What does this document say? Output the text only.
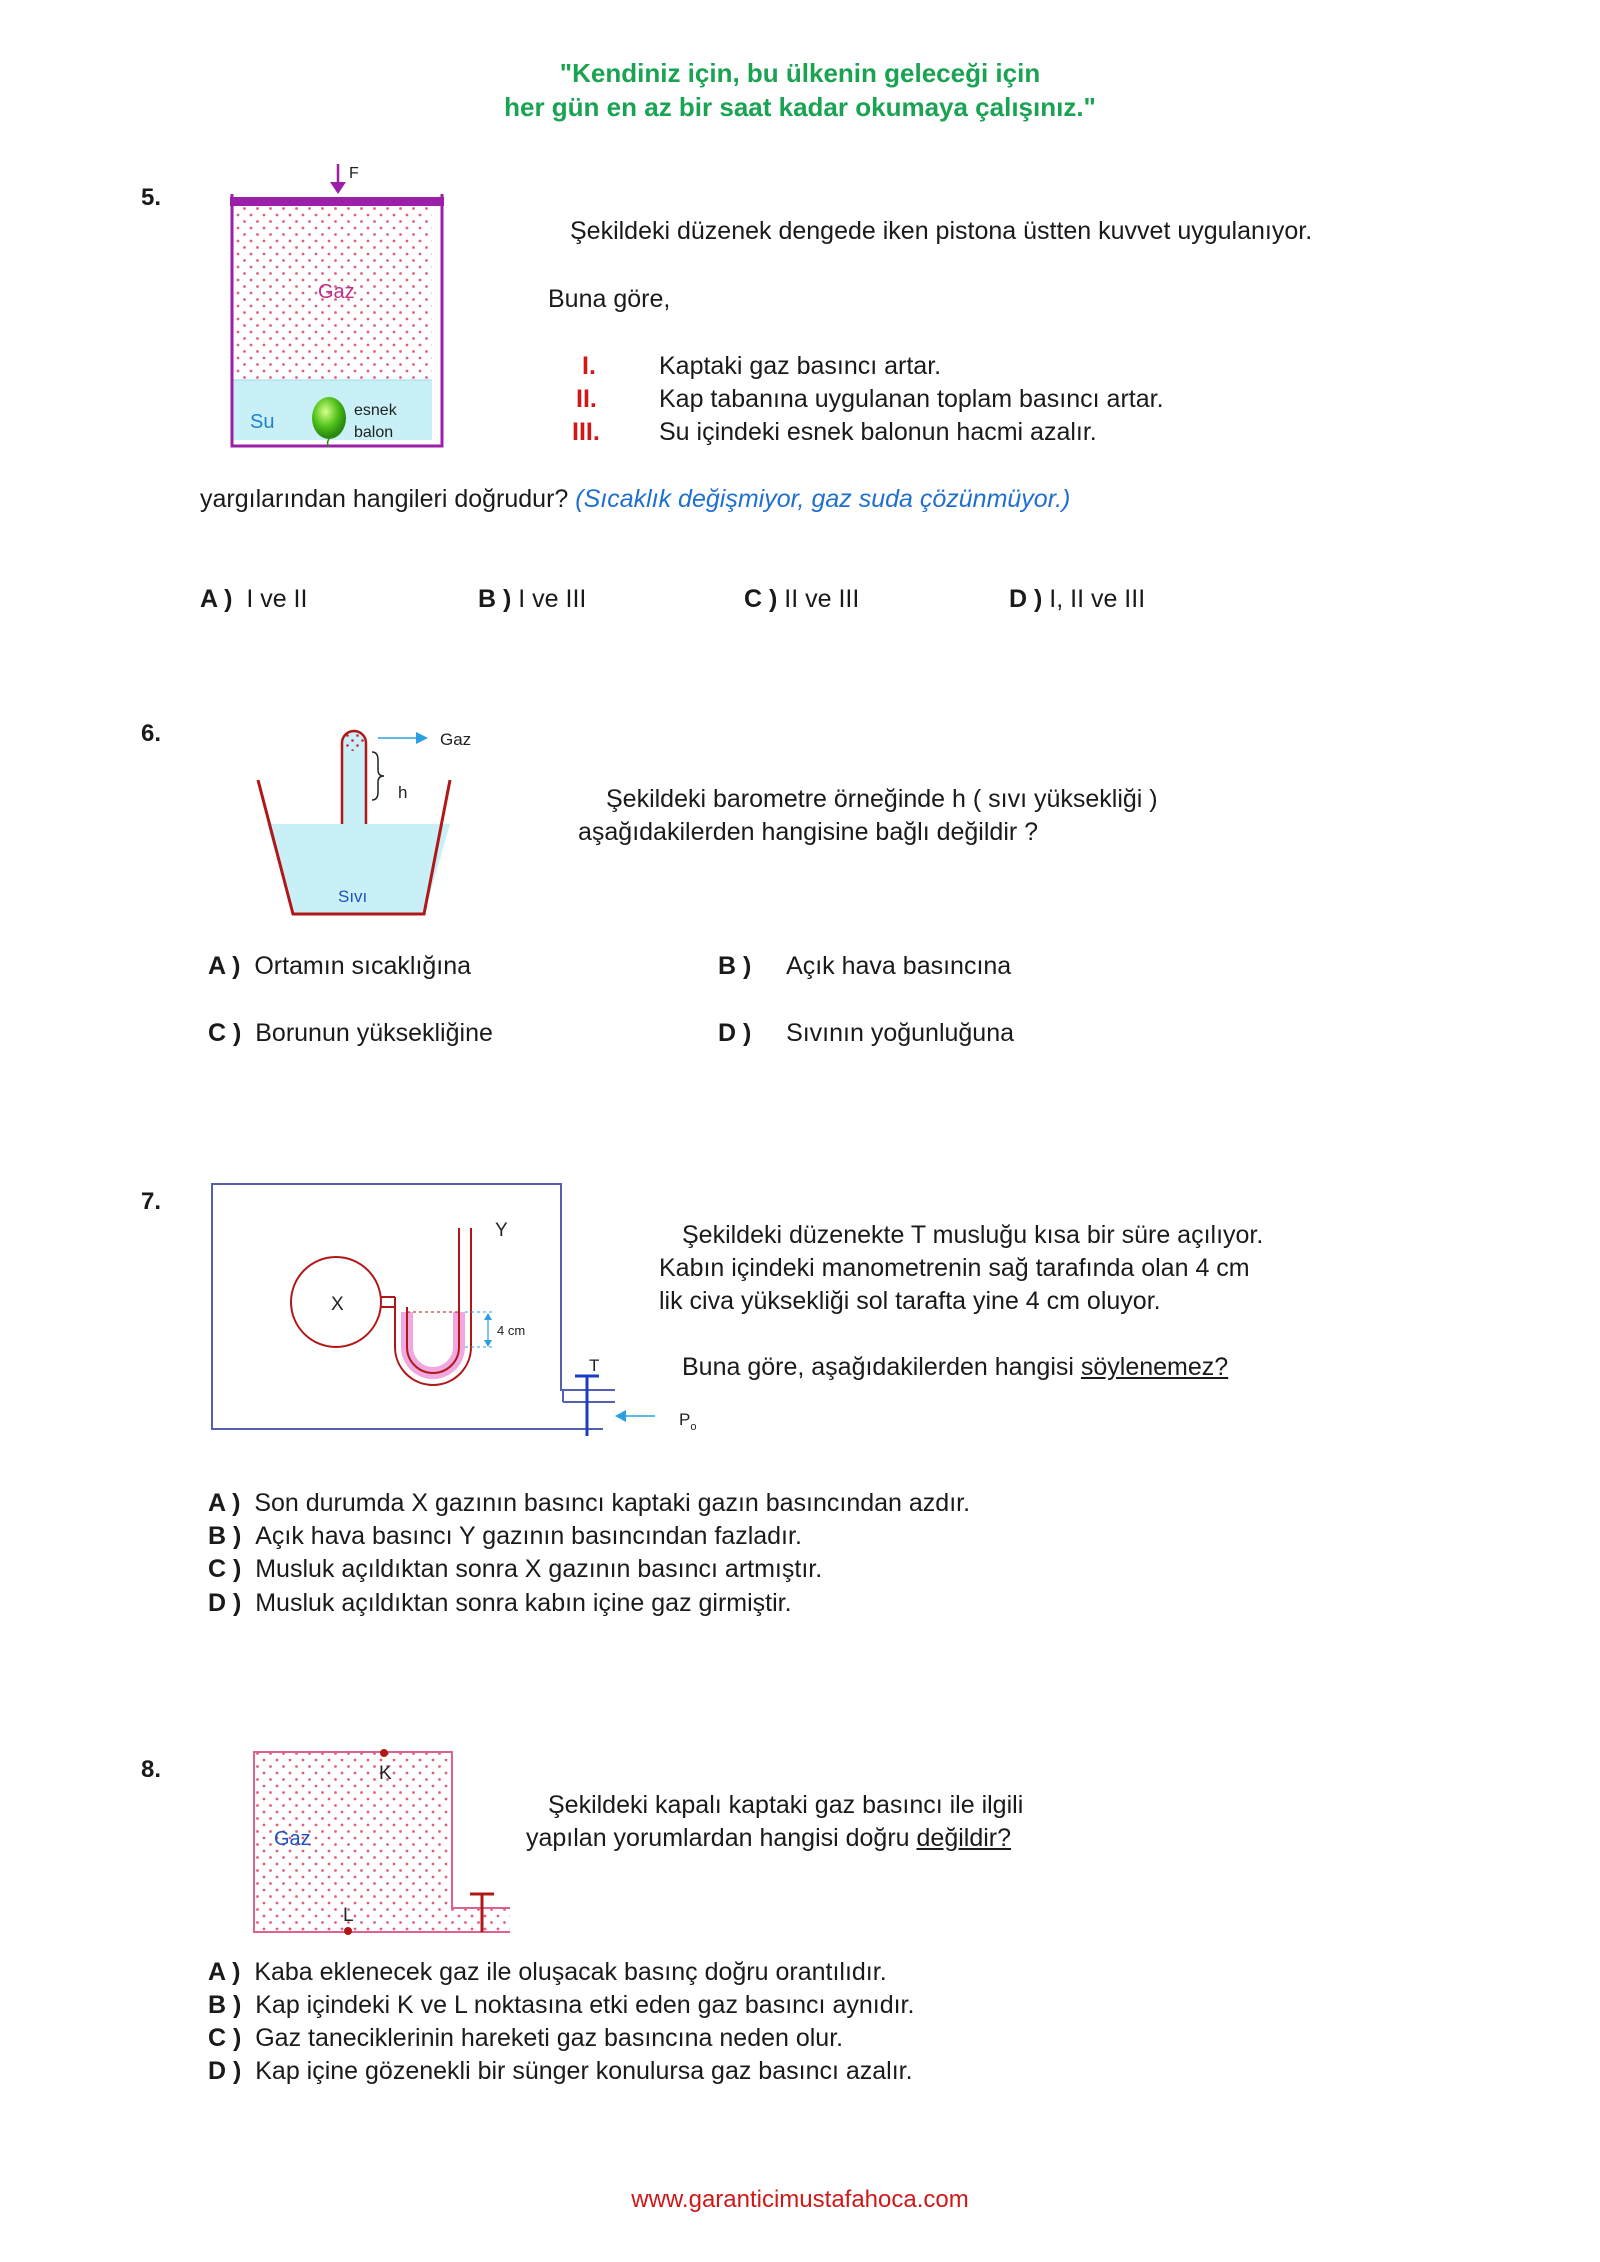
"Kendiniz için, bu ülkenin geleceği için
her gün en az bir saat kadar okumaya çalışınız."
5.
F
Gaz
Su
esnek
balon
Şekildeki düzenek dengede iken pistona üstten kuvvet uygulanıyor.
Buna göre,
I.	Kaptaki gaz basıncı artar.
II. Kap tabanına uygulanan toplam basıncı artar.
III. Su içindeki esnek balonun hacmi azalır.
yargılarından hangileri doğrudur? (Sıcaklık değişmiyor, gaz suda çözünmüyor.)
A ) I ve II	B ) I ve III	C ) II ve III	D ) I, II ve III
6.	Gaz
h
Sıvı
Şekildeki barometre örneğinde h ( sıvı yüksekliği )
aşağıdakilerden hangisine bağlı değildir ?
A ) Ortamın sıcaklığına	B ) Açık hava basıncına
C ) Borunun yüksekliğine	D ) Sıvının yoğunluğuna
7.
4 cm
X
Y
T
$P_o$
Şekildeki düzenekte T musluğu kısa bir süre açılıyor.
Kabın içindeki manometrenin sağ tarafında olan 4 cm
lik civa yüksekliği sol tarafta yine 4 cm oluyor.
Buna göre, aşağıdakilerden hangisi söylenemez?
A ) Son durumda X gazının basıncı kaptaki gazın basıncından azdır.
B ) Açık hava basıncı Y gazının basıncından fazladır.
C ) Musluk açıldıktan sonra X gazının basıncı artmıştır.
D ) Musluk açıldıktan sonra kabın içine gaz girmiştir.
8.	K
L
Gaz
Şekildeki kapalı kaptaki gaz basıncı ile ilgili
yapılan yorumlardan hangisi doğru değildir?
A ) Kaba eklenecek gaz ile oluşacak basınç doğru orantılıdır.
B ) Kap içindeki K ve L noktasına etki eden gaz basıncı aynıdır.
C ) Gaz taneciklerinin hareketi gaz basıncına neden olur.
D ) Kap içine gözenekli bir sünger konulursa gaz basıncı azalır.
www.garanticimustafahoca.com
